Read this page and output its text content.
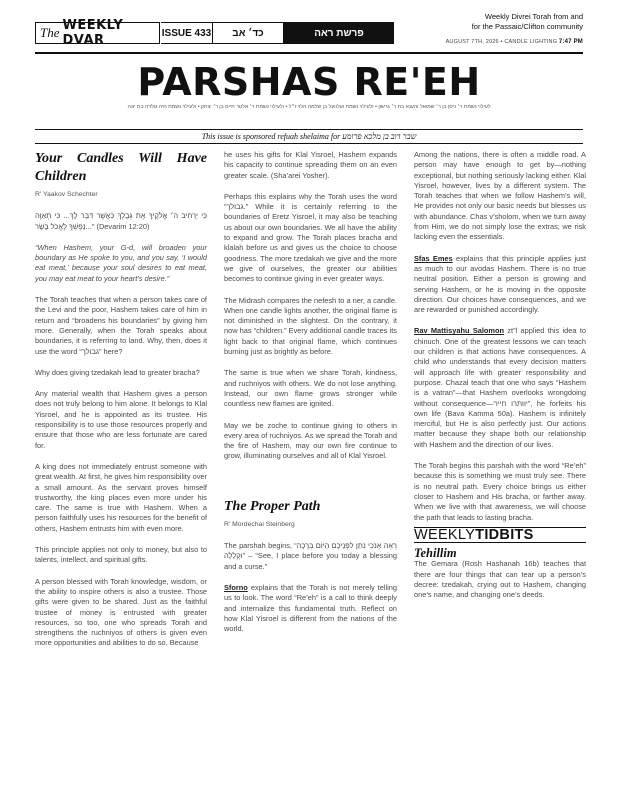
The WEEKLY DVAR	ISSUE 433	כד׳ אב	פרשת ראה
Weekly Divrei Torah from and
for the Passaic/Clifton community
AUGUST 7TH, 2026 • CANDLE LIGHTING 7:47 PM
PARSHAS RE'EH
לעילוי נשמת ר׳ ניסן בן ר׳ שמואל והענא בת ר׳ גרשון • ולעילוי נשמת ועלוועל בן שלמה הלוי ז״ל • ולעילוי נשמת ר׳ אלטר חיים בן ר׳ יצחק • ולעילוי נשמת חיה גולדה בת יונה
This issue is sponsored refuah shelaima for שבר דוב בן מלכא פרומע
Your Candles Will Have Children
R' Yaakov Schechter

כִּי יַרְחִיב ה׳ אֱלֹקֶיךָ אֶת גְּבֻלְךָ כַּאֲשֶׁר דִּבֶּר לָךְ... כִּי תְאַוֶּה נַפְשְׁךָ לֶאֱכֹל בָּשָׂר..." (Devarim 12:20)

“When Hashem, your G-d, will broaden your boundary as He spoke to you, and you say, ‘I would eat meat,’ because your soul desires to eat meat, you may eat meat to your heart’s desire.”

The Torah teaches that when a person takes care of the Levi and the poor, Hashem takes care of him in return and “broadens his boundaries” by giving him more. Generally, when the Torah speaks about boundaries, it is referring to land. Why, then, does it use the word “גבולך” here?

Why does giving tzedakah lead to greater bracha?

Any material wealth that Hashem gives a person does not truly belong to him alone. It belongs to Klal Yisroel, and he is appointed as its trustee. His responsibility is to use those resources properly and ensure that those who are less fortunate are cared for.

A king does not immediately entrust someone with great wealth. At first, he gives him responsibility over a small amount. As the servant proves himself trustworthy, the king places even more under his care. The same is true with Hashem. When a person faithfully uses his resources for the benefit of others, Hashem entrusts him with even more.

This principle applies not only to money, but also to talents, intellect, and spiritual gifts.

A person blessed with Torah knowledge, wisdom, or the ability to inspire others is also a trustee. Those gifts were given to be shared. Just as the faithful trustee of money is entrusted with greater resources, so too, one who spreads Torah and strengthens the ruchniyos of others is given even more opportunities and abilities to do so. Because

he uses his gifts for Klal Yisroel, Hashem expands his capacity to continue spreading them on an even greater scale. (Sha’arei Yosher).

Perhaps this explains why the Torah uses the word “גבולך.” While it is certainly referring to the boundaries of Eretz Yisroel, it may also be teaching us about our own boundaries. We all have the ability to expand and grow. The Torah places bracha and klalah before us and gives us the choice to choose goodness. The more tzedakah we give and the more we give of ourselves, the greater our abilities becomes to continue giving in ever greater ways.

The Midrash compares the nefesh to a ner, a candle. When one candle lights another, the original flame is not diminished in the slightest. On the contrary, it now has “children.” Every additional candle traces its light back to that original flame, which continues burning just as brightly as before.

The same is true when we share Torah, kindness, and ruchniyos with others. We do not lose anything. Instead, our own flame grows stronger while countless new flames are ignited.

May we be zoche to continue giving to others in every area of ruchniyos. As we spread the Torah and the fire of Hashem, may our own fire continue to grow, illuminating ourselves and all of Klal Yisroel.

The Proper Path
R' Mordechai Steinberg

The parshah begins, “רְאֵה אָנֹכִי נֹתֵן לִפְנֵיכֶם הַיּוֹם בְּרָכָה וּקְלָלָה” – “See, I place before you today a blessing and a curse.”

Sforno explains that the Torah is not merely telling us to look. The word “Re’eh” is a call to think deeply and internalize this fundamental truth. Reflect on how Klal Yisroel is different from the nations of the world.

Among the nations, there is often a middle road. A person may have enough to get by—nothing exceptional, but nothing seriously lacking either. Klal Yisroel, however, lives by a different system. The Torah teaches that when we follow Hashem’s will, He provides not only our basic needs but blesses us with abundance. Chas v’sholom, when we turn away from Him, we do not simply lose the extras; we risk lacking even the essentials.

Sfas Emes explains that this principle applies just as much to our avodas Hashem. There is no true neutral position. Either a person is growing and serving Hashem, or he is moving in the opposite direction. Our choices have consequences, and we are rewarded or punished accordingly.

Rav Mattisyahu Salomon zt”l applied this idea to chinuch. One of the greatest lessons we can teach our children is that actions have consequences. A child who understands that every decision matters will approach life with greater responsibility and purpose. Chazal teach that one who says “Hashem is a vatran”—that Hashem overlooks wrongdoing without consequence—“יוותרו חייו”, he forfeits his own life (Bava Kamma 50a). Hashem is infinitely merciful, but He is also perfectly just. Our actions matter because they shape both our relationship with Hashem and the direction of our lives.

The Torah begins this parshah with the word “Re’eh” because this is something we must truly see. There is no neutral path. Every choice brings us either closer to Hashem and His bracha, or farther away. When we live with that awareness, we will choose the path that leads to lasting bracha.

WEEKLYTIDBITS
Tehillim

The Gemara (Rosh Hashanah 16b) teaches that there are four things that can tear up a person’s decree: tzedakah, crying out to Hashem, changing one’s name, and changing one’s deeds.
